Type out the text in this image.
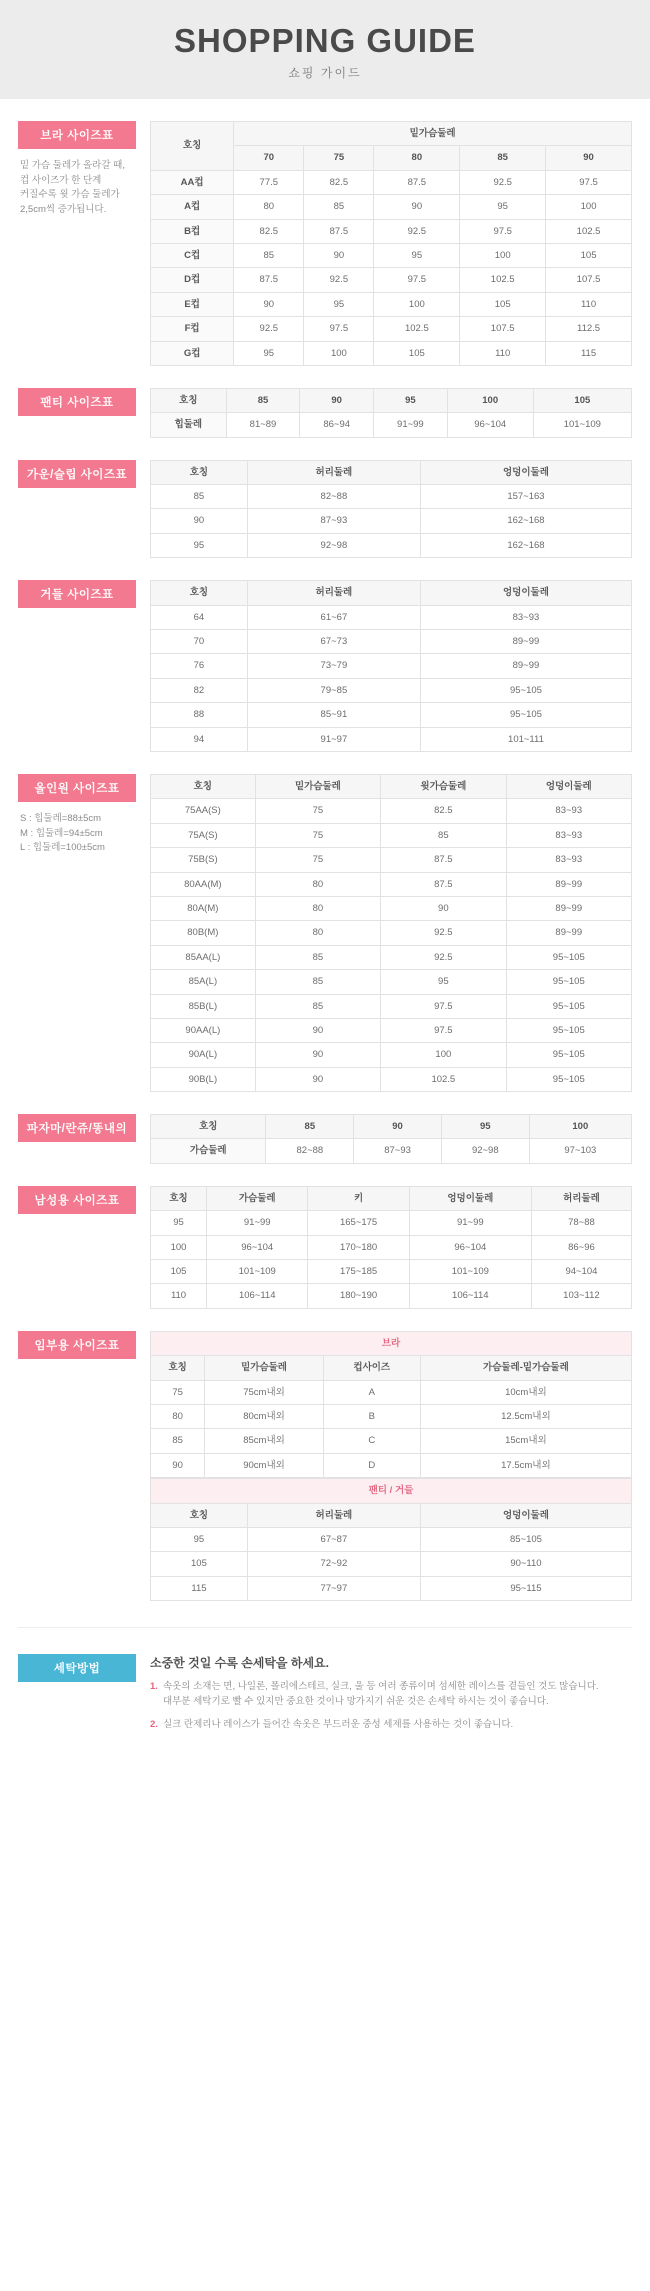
SHOPPING GUIDE
쇼핑 가이드
브라 사이즈표
밑 가슴 둘레가 올라갈 때,
컵 사이즈가 한 단계
커질수록 윗 가슴 둘레가
2,5cm씩 증가됩니다.
호칭	밑가슴둘레				
	70	75	80	85	90
AA컵	77.5	82.5	87.5	92.5	97.5
A컵	80	85	90	95	100
B컵	82.5	87.5	92.5	97.5	102.5
C컵	85	90	95	100	105
D컵	87.5	92.5	97.5	102.5	107.5
E컵	90	95	100	105	110
F컵	92.5	97.5	102.5	107.5	112.5
G컵	95	100	105	110	115
팬티 사이즈표	호칭	85	90	95	100	105
힙둘레	81~89	86~94	91~99	96~104	101~109
가운/슬립 사이즈표	호칭	허리둘레	엉덩이둘레
85	82~88	157~163
90	87~93	162~168
95	92~98	162~168
거들 사이즈표	호칭	허리둘레	엉덩이둘레
64	61~67	83~93
70	67~73	89~99
76	73~79	89~99
82	79~85	95~105
88	85~91	95~105
94	91~97	101~111
올인원 사이즈표
S : 힙둘레=88±5cm
M : 힙둘레=94±5cm
L : 힙둘레=100±5cm
호칭	밑가슴둘레	윗가슴둘레	엉덩이둘레
75AA(S)	75	82.5	83~93
75A(S)	75	85	83~93
75B(S)	75	87.5	83~93
80AA(M)	80	87.5	89~99
80A(M)	80	90	89~99
80B(M)	80	92.5	89~99
85AA(L)	85	92.5	95~105
85A(L)	85	95	95~105
85B(L)	85	97.5	95~105
90AA(L)	90	97.5	95~105
90A(L)	90	100	95~105
90B(L)	90	102.5	95~105
파자마/란쥬/똥내의	호칭	85	90	95	100
가슴둘레	82~88	87~93	92~98	97~103
남성용 사이즈표	호칭	가슴둘레	키	엉덩이둘레	허리둘레
95	91~99	165~175	91~99	78~88
100	96~104	170~180	96~104	86~96
105	101~109	175~185	101~109	94~104
110	106~114	180~190	106~114	103~112
임부용 사이즈표	브라			
호칭	밑가슴둘레	컵사이즈	가슴둘레-밑가슴둘레
75	75cm내외	A	10cm내외
80	80cm내외	B	12.5cm내외
85	85cm내외	C	15cm내외
90	90cm내외	D	17.5cm내외
팬티 / 거들		
호칭	허리둘레	엉덩이둘레
95	67~87	85~105
105	72~92	90~110
115	77~97	95~115
세탁방법	소중한 것일 수록 손세탁을 하세요.
1. 속옷의 소재는 면, 나일론, 폴리에스테르, 실크, 울 등 여러 종류이며 섬세한 레이스를 곁들인 것도 많습니다.
대부분 세탁기로 빨 수 있지만 중요한 것이나 망가지기 쉬운 것은 손세탁 하시는 것이 좋습니다.
2. 실크 란제리나 레이스가 들어간 속옷은 부드러운 중성 세제를 사용하는 것이 좋습니다.
